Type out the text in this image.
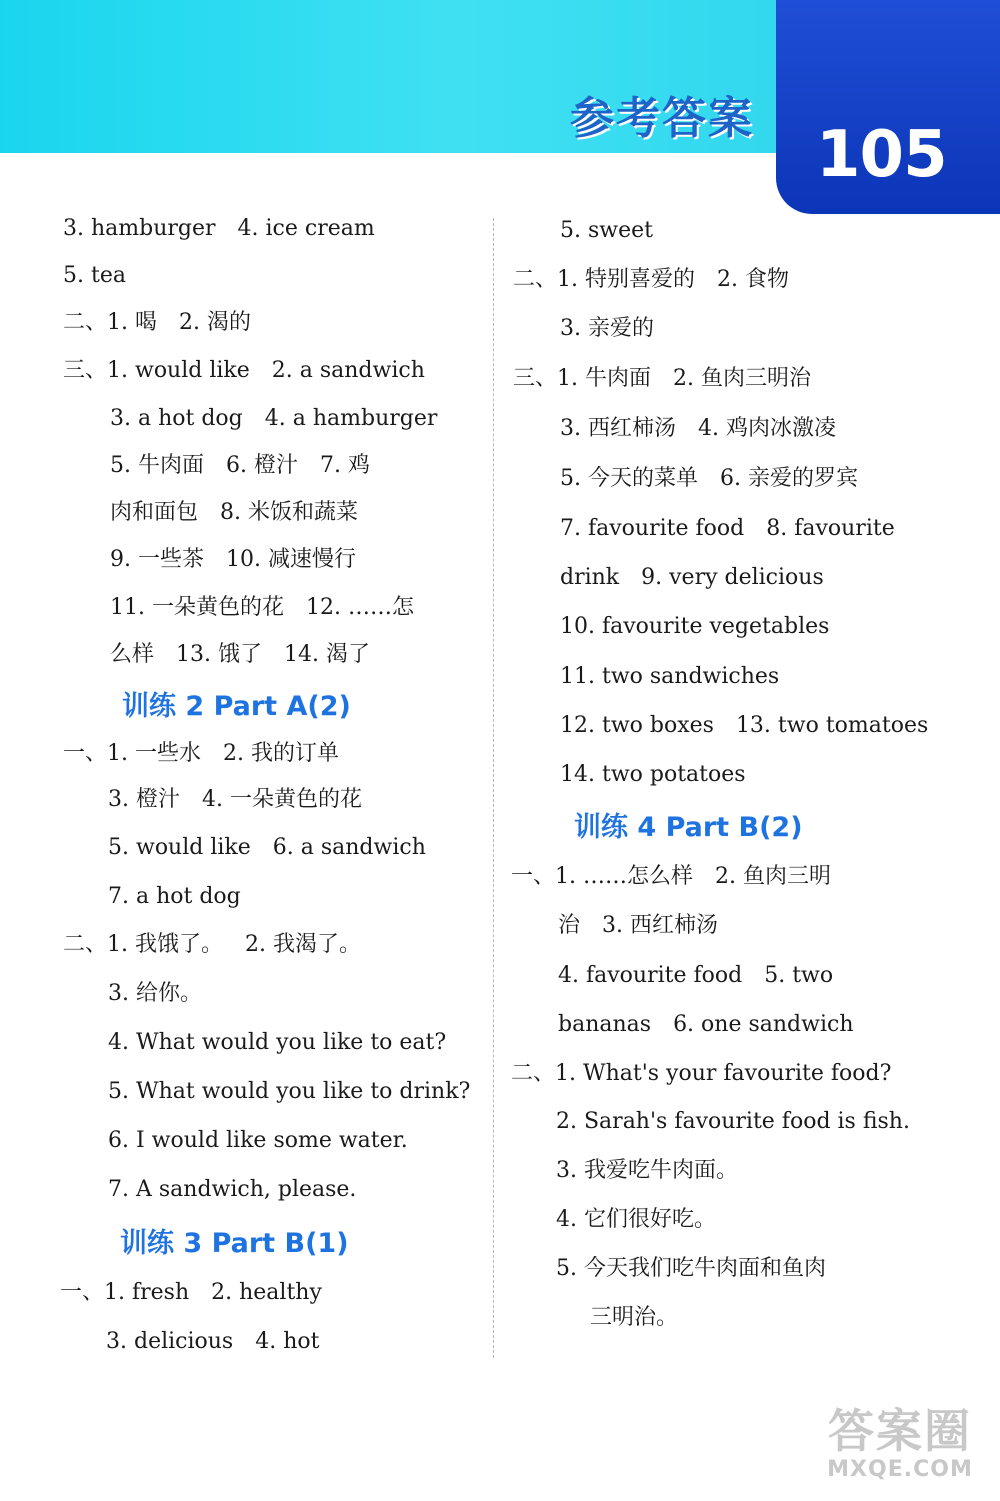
参考答案 105
3. hamburger 4. ice cream
5. tea
二、1. 喝 2. 渴的
三、1. would like 2. a sandwich
3. a hot dog 4. a hamburger
5. 牛肉面 6. 橙汁 7. 鸡
肉和面包 8. 米饭和蔬菜
9. 一些茶 10. 减速慢行
11. 一朵黄色的花 12. ……怎
么样 13. 饿了 14. 渴了
训练 2 Part A(2)
一、1. 一些水 2. 我的订单
3. 橙汁 4. 一朵黄色的花
5. would like 6. a sandwich
7. a hot dog
二、1. 我饿了。 2. 我渴了。
3. 给你。
4. What would you like to eat?
5. What would you like to drink?
6. I would like some water.
7. A sandwich, please.
训练 3 Part B(1)
一、1. fresh 2. healthy
3. delicious 4. hot
5. sweet
二、1. 特别喜爱的 2. 食物
3. 亲爱的
三、1. 牛肉面 2. 鱼肉三明治
3. 西红柿汤 4. 鸡肉冰激凌
5. 今天的菜单 6. 亲爱的罗宾
7. favourite food 8. favourite
drink 9. very delicious
10. favourite vegetables
11. two sandwiches
12. two boxes 13. two tomatoes
14. two potatoes
训练 4 Part B(2)
一、1. ……怎么样 2. 鱼肉三明
治 3. 西红柿汤
4. favourite food 5. two
bananas 6. one sandwich
二、1. What's your favourite food?
2. Sarah's favourite food is fish.
3. 我爱吃牛肉面。
4. 它们很好吃。
5. 今天我们吃牛肉面和鱼肉
三明治。
答案圈
MXQE.COM
